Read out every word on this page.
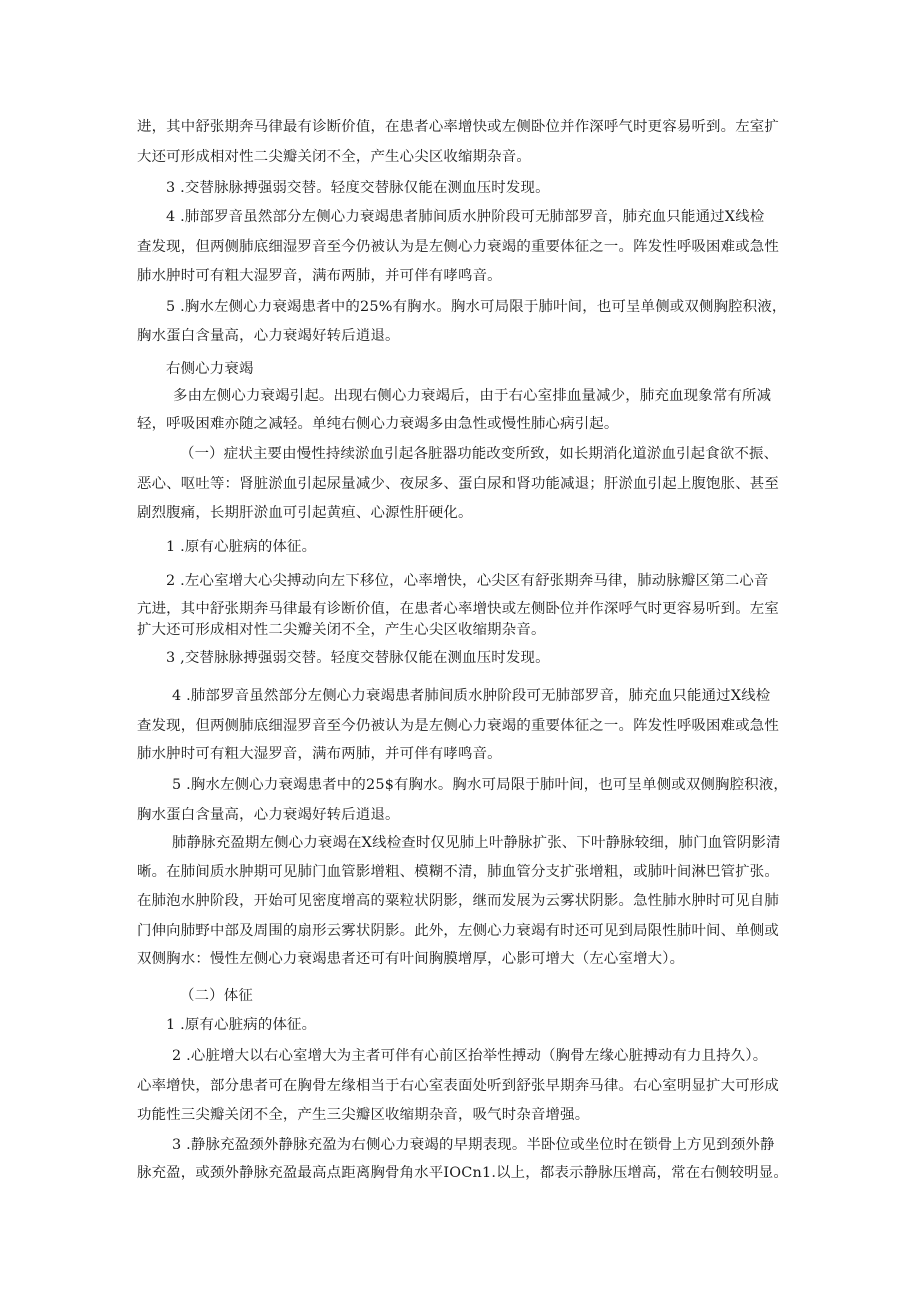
进，其中舒张期奔马律最有诊断价值，在患者心率增快或左侧卧位并作深呼气时更容易听到。左室扩
大还可形成相对性二尖瓣关闭不全，产生心尖区收缩期杂音。
3 .交替脉脉搏强弱交替。轻度交替脉仅能在测血压时发现。
4 .肺部罗音虽然部分左侧心力衰竭患者肺间质水肿阶段可无肺部罗音，肺充血只能通过Ⅹ线检
查发现，但两侧肺底细湿罗音至今仍被认为是左侧心力衰竭的重要体征之一。阵发性呼吸困难或急性
肺水肿时可有粗大湿罗音，满布两肺，并可伴有哮鸣音。
5 .胸水左侧心力衰竭患者中的25%有胸水。胸水可局限于肺叶间，也可呈单侧或双侧胸腔积液，
胸水蛋白含量高，心力衰竭好转后逍退。
右侧心力衰竭
多由左侧心力衰竭引起。出现右侧心力衰竭后，由于右心室排血量减少，肺充血现象常有所减
轻，呼吸困难亦随之减轻。单纯右侧心力衰竭多由急性或慢性肺心病引起。
（一）症状主要由慢性持续淤血引起各脏器功能改变所致，如长期消化道淤血引起食欲不振、
恶心、呕吐等：肾脏淤血引起尿量减少、夜尿多、蛋白尿和肾功能减退；肝淤血引起上腹饱胀、甚至
剧烈腹痛，长期肝淤血可引起黄疸、心源性肝硬化。
1 .原有心脏病的体征。
2 .左心室增大心尖搏动向左下移位，心率增快，心尖区有舒张期奔马律，肺动脉瓣区第二心音
亢进，其中舒张期奔马律最有诊断价值，在患者心率增快或左侧卧位并作深呼气时更容易听到。左室
扩大还可形成相对性二尖瓣关闭不全，产生心尖区收缩期杂音。
3 ,交替脉脉搏强弱交替。轻度交替脉仅能在测血压时发现。
4 .肺部罗音虽然部分左侧心力衰竭患者肺间质水肿阶段可无肺部罗音，肺充血只能通过Ⅹ线检
查发现，但两侧肺底细湿罗音至今仍被认为是左侧心力衰竭的重要体征之一。阵发性呼吸困难或急性
肺水肿时可有粗大湿罗音，满布两肺，并可伴有哮鸣音。
5 .胸水左侧心力衰竭患者中的25$有胸水。胸水可局限于肺叶间，也可呈单侧或双侧胸腔积液，
胸水蛋白含量高，心力衰竭好转后逍退。
肺静脉充盈期左侧心力衰竭在X线检查时仅见肺上叶静脉扩张、下叶静脉较细，肺门血管阴影清
晰。在肺间质水肿期可见肺门血管影增粗、模糊不清，肺血管分支扩张增粗，或肺叶间淋巴管扩张。
在肺泡水肿阶段，开始可见密度增高的粟粒状阴影，继而发展为云雾状阴影。急性肺水肿时可见自肺
门伸向肺野中部及周围的扇形云雾状阴影。此外，左侧心力衰竭有时还可见到局限性肺叶间、单侧或
双侧胸水：慢性左侧心力衰竭患者还可有叶间胸膜增厚，心影可增大（左心室增大）。
（二）体征
1 .原有心脏病的体征。
2 .心脏增大以右心室增大为主者可伴有心前区抬举性搏动（胸骨左缘心脏搏动有力且持久）。
心率增快，部分患者可在胸骨左缘相当于右心室表面处听到舒张早期奔马律。右心室明显扩大可形成
功能性三尖瓣关闭不全，产生三尖瓣区收缩期杂音，吸气时杂音增强。
3 .静脉充盈颈外静脉充盈为右侧心力衰竭的早期表现。半卧位或坐位时在锁骨上方见到颈外静
脉充盈，或颈外静脉充盈最高点距离胸骨角水平IOCn1.以上，都表示静脉压增高，常在右侧较明显。
